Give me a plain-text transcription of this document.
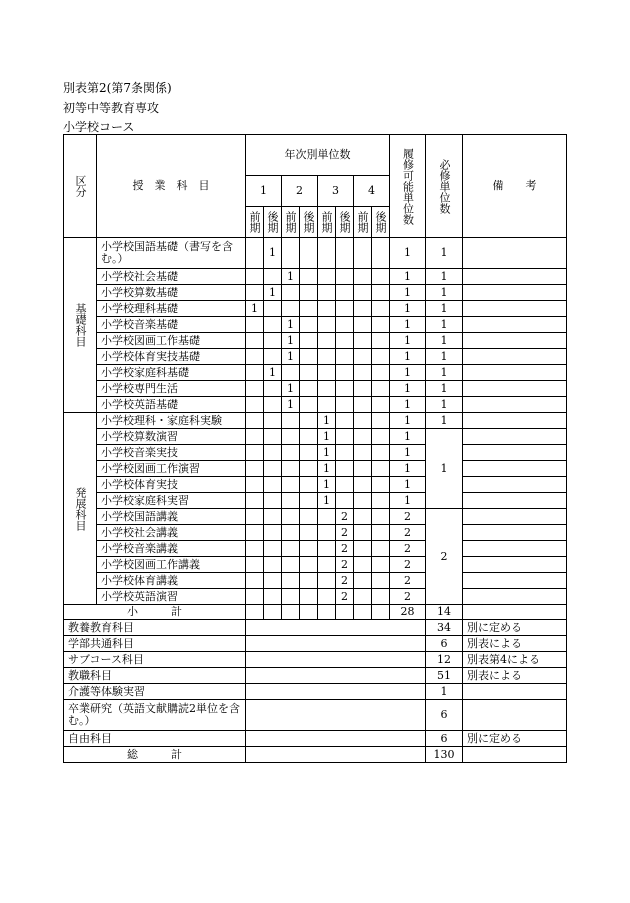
別表第2(第7条関係)
初等中等教育専攻
小学校コース
区分	授　業　科　目	年次別単位数								履修可能単位数	必修単位数	備　　考
		1		2		3		4				

		前期	後期	前期	後期	前期	後期	前期	後期			

基礎科目	小学校国語基礎（書写を含む。）		1							1	1	
	小学校社会基礎			1						1	1	
	小学校算数基礎		1							1	1	
	小学校理科基礎	1								1	1	
	小学校音楽基礎			1						1	1	
	小学校図画工作基礎			1						1	1	
	小学校体育実技基礎			1						1	1	
	小学校家庭科基礎		1							1	1	
	小学校専門生活			1						1	1	
	小学校英語基礎			1						1	1	

発展科目	小学校理科・家庭科実験					1				1	1	
	小学校算数演習					1				1	1	
	小学校音楽実技					1				1		
	小学校図画工作演習					1				1		
	小学校体育実技					1				1		
	小学校家庭科実習					1				1		
	小学校国語講義						2			2	2	
	小学校社会講義						2			2		
	小学校音楽講義						2			2		
	小学校図画工作講義						2			2		
	小学校体育講義						2			2		
	小学校英語演習						2			2		
小　　　計										28	14	
教養教育科目											34	別に定める
学部共通科目											6	別表による
サブコース科目											12	別表第4による
教職科目											51	別表による
介護等体験実習											1	
卒業研究（英語文献購読2単位を含む。）											6	
自由科目											6	別に定める
総　　　計											130	
